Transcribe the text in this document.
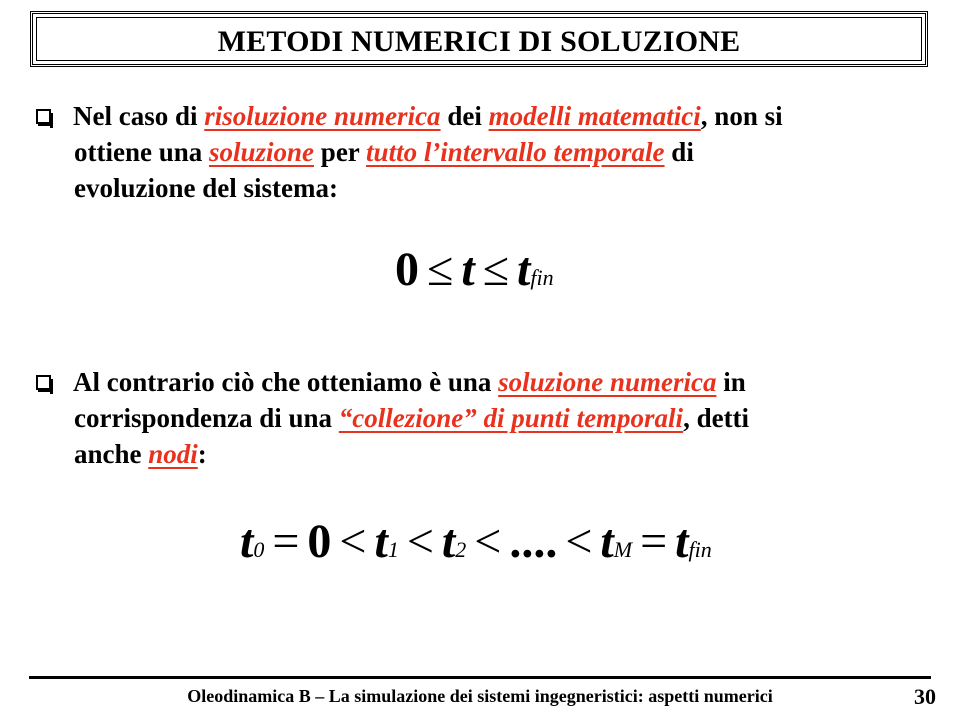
METODI NUMERICI DI SOLUZIONE
Nel caso di risoluzione numerica dei modelli matematici, non si
ottiene una soluzione per tutto l’intervallo temporale di
evoluzione del sistema:
0 ≤ t ≤ tfin
Al contrario ciò che otteniamo è una soluzione numerica in
corrispondenza di una “collezione” di punti temporali, detti
anche nodi:
t0 = 0 < t1 < t2 < .... < tM = tfin
Oleodinamica B – La simulazione dei sistemi ingegneristici: aspetti numerici	30
